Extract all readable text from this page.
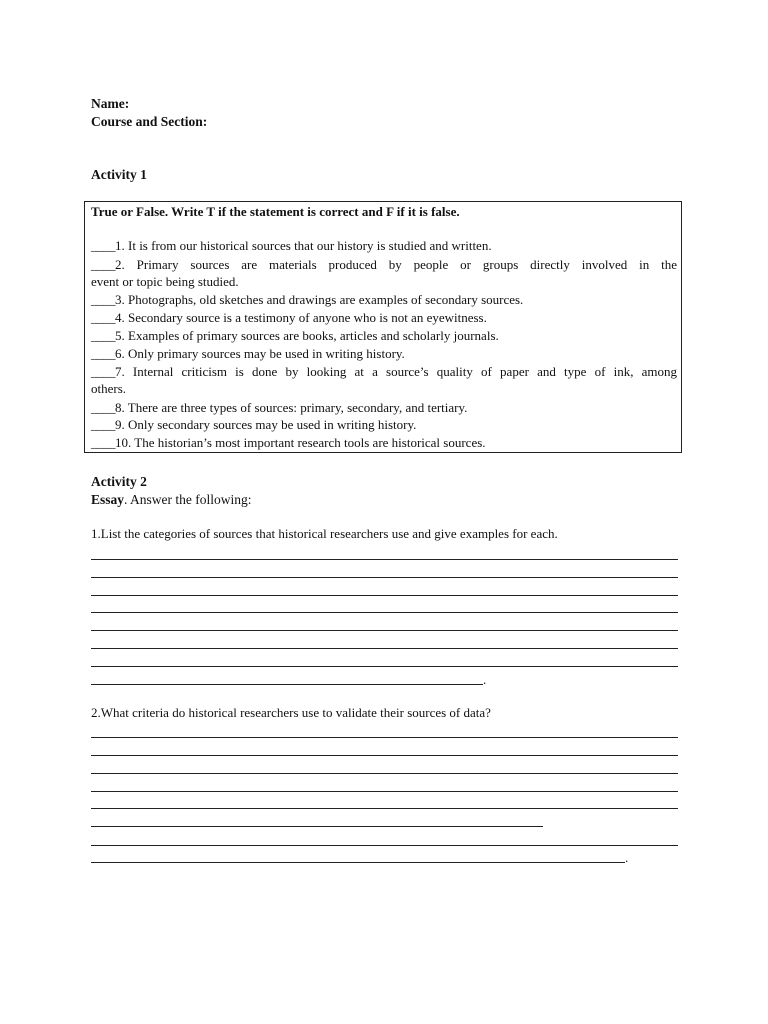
Name:
Course and Section:
Activity 1
True or False. Write T if the statement is correct and F if it is false.
____1. It is from our historical sources that our history is studied and written.
____2. Primary sources are materials produced by people or groups directly involved in the
event or topic being studied.
____3. Photographs, old sketches and drawings are examples of secondary sources.
____4. Secondary source is a testimony of anyone who is not an eyewitness.
____5. Examples of primary sources are books, articles and scholarly journals.
____6. Only primary sources may be used in writing history.
____7. Internal criticism is done by looking at a source’s quality of paper and type of ink, among
others.
____8. There are three types of sources: primary, secondary, and tertiary.
____9. Only secondary sources may be used in writing history.
____10. The historian’s most important research tools are historical sources.
Activity 2
Essay. Answer the following:
1.List the categories of sources that historical researchers use and give examples for each.
.
2.What criteria do historical researchers use to validate their sources of data?
.
